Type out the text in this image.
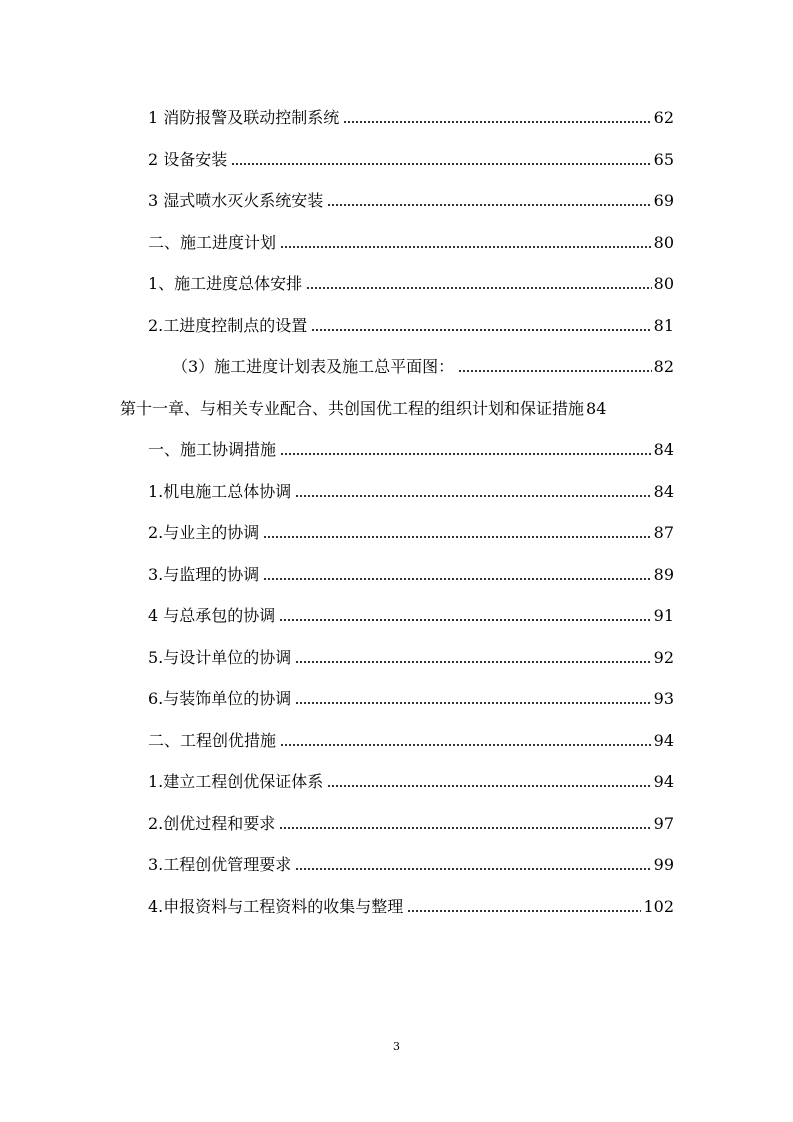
1 消防报警及联动控制系统	62
2 设备安装	65
3 湿式喷水灭火系统安装	69
二、施工进度计划	80
1、施工进度总体安排	80
2.工进度控制点的设置	81
（3）施工进度计划表及施工总平面图：	82
第十一章、与相关专业配合、共创国优工程的组织计划和保证措施 84
一、施工协调措施	84
1.机电施工总体协调	84
2.与业主的协调	87
3.与监理的协调	89
4 与总承包的协调	91
5.与设计单位的协调	92
6.与装饰单位的协调	93
二、工程创优措施	94
1.建立工程创优保证体系	94
2.创优过程和要求	97
3.工程创优管理要求	99
4.申报资料与工程资料的收集与整理	102
3
